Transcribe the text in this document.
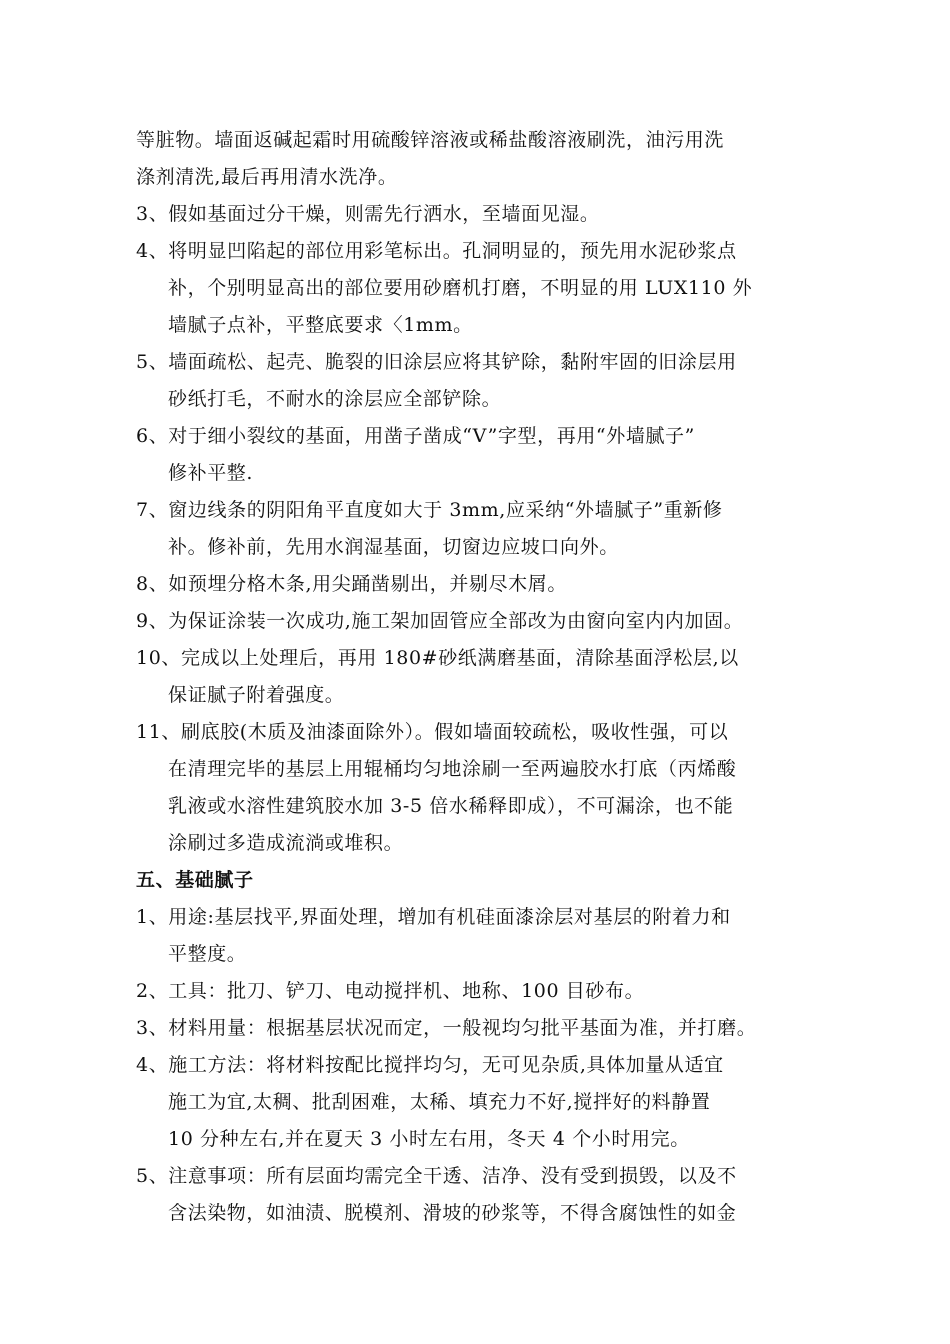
等脏物。墙面返碱起霜时用硫酸锌溶液或稀盐酸溶液刷洗，油污用洗
涤剂清洗,最后再用清水洗净。
3、假如基面过分干燥，则需先行洒水，至墙面见湿。
4、将明显凹陷起的部位用彩笔标出。孔洞明显的，预先用水泥砂浆点
补，个别明显高出的部位要用砂磨机打磨，不明显的用 LUX110 外
墙腻子点补，平整底要求〈1mm。
5、墙面疏松、起壳、脆裂的旧涂层应将其铲除，黏附牢固的旧涂层用
砂纸打毛，不耐水的涂层应全部铲除。
6、对于细小裂纹的基面，用凿子凿成“V”字型，再用“外墙腻子”
修补平整.
7、窗边线条的阴阳角平直度如大于 3mm,应采纳“外墙腻子”重新修
补。修补前，先用水润湿基面，切窗边应坡口向外。
8、如预埋分格木条,用尖踊凿剔出，并剔尽木屑。
9、为保证涂装一次成功,施工架加固管应全部改为由窗向室内内加固。
10、完成以上处理后，再用 180#砂纸满磨基面，清除基面浮松层,以
保证腻子附着强度。
11、刷底胶(木质及油漆面除外）。假如墙面较疏松，吸收性强，可以
在清理完毕的基层上用辊桶均匀地涂刷一至两遍胶水打底（丙烯酸
乳液或水溶性建筑胶水加 3-5 倍水稀释即成），不可漏涂，也不能
涂刷过多造成流淌或堆积。
五、基础腻子
1、用途:基层找平,界面处理，增加有机硅面漆涂层对基层的附着力和
平整度。
2、工具：批刀、铲刀、电动搅拌机、地称、100 目砂布。
3、材料用量：根据基层状况而定，一般视均匀批平基面为准，并打磨。
4、施工方法：将材料按配比搅拌均匀，无可见杂质,具体加量从适宜
施工为宜,太稠、批刮困难，太稀、填充力不好,搅拌好的料静置
10 分种左右,并在夏天 3 小时左右用，冬天 4 个小时用完。
5、注意事项：所有层面均需完全干透、洁净、没有受到损毁，以及不
含法染物，如油渍、脱模剂、滑坡的砂浆等，不得含腐蚀性的如金
